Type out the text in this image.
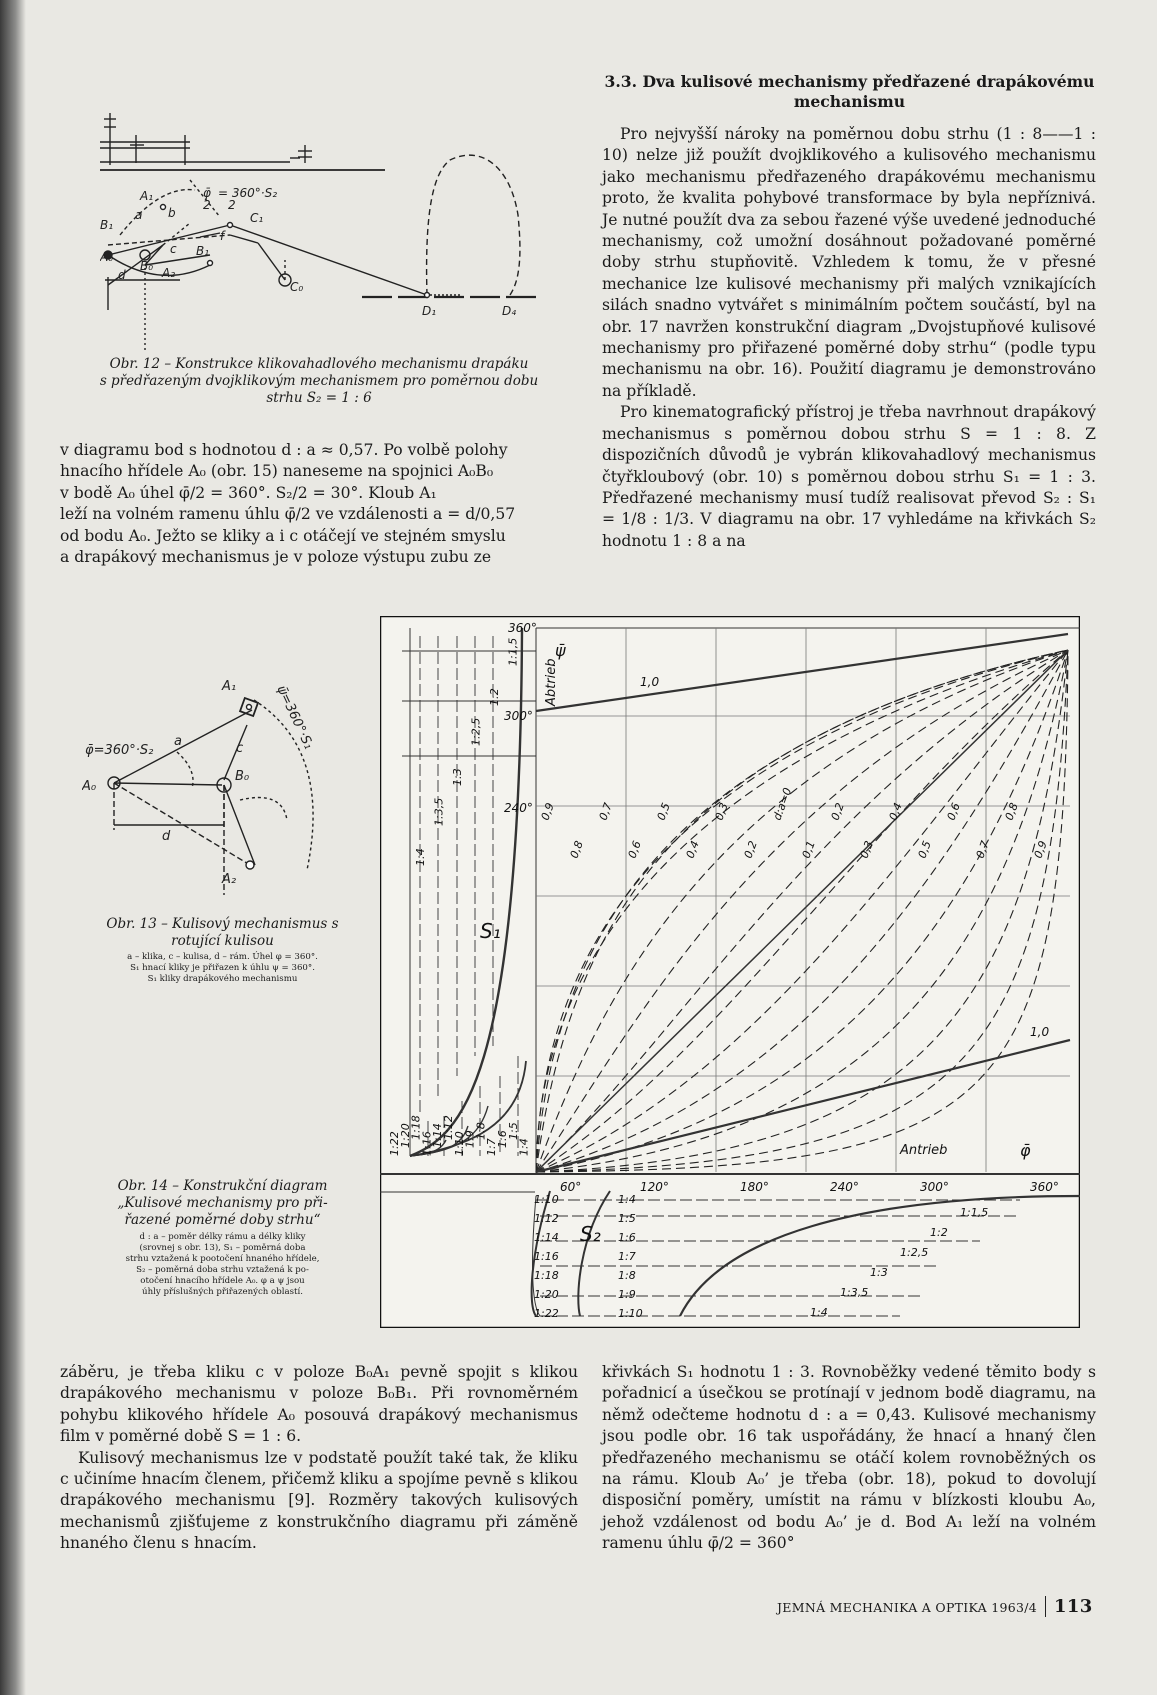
3.3. Dva kulisové mechanismy předřazené drapákovému mechanismu

Pro nejvyšší nároky na poměrnou dobu strhu (1 : 8——1 : 10) nelze již použít dvojklikového a kulisového mechanismu jako mechanismu předřazeného drapákovému mechanismu proto, že kvalita pohybové transformace by byla nepříznivá. Je nutné použít dva za sebou řazené výše uvedené jednoduché mechanismy, což umožní dosáhnout požadované poměrné doby strhu stupňovitě. Vzhledem k tomu, že v přesné mechanice lze kulisové mechanismy při malých vznikajících silách snadno vytvářet s minimálním počtem součástí, byl na obr. 17 navržen konstrukční diagram „Dvojstupňové kulisové mechanismy pro přiřazené poměrné doby strhu“ (podle typu mechanismu na obr. 16). Použití diagramu je demonstrováno na příkladě.

Pro kinematografický přístroj je třeba navrhnout drapákový mechanismus s poměrnou dobou strhu S = 1 : 8. Z dispozičních důvodů je vybrán klikovahadlový mechanismus čtyřkloubový (obr. 10) s poměrnou dobou strhu S₁ = 1 : 3. Předřazené mechanismy musí tudíž realisovat převod S₂ : S₁ = 1/8 : 1/3. V diagramu na obr. 17 vyhledáme na křivkách S₂ hodnotu 1 : 8 a na

A₁
a b
φ̄
2
= 360°·S₂
2
C₁
c B₁
B₀ A₂
A₀
B₁
d
C₀
D₁	D₄
f
Obr. 12 – Konstrukce klikovahadlového mechanismu drapáku
s předřazeným dvojklikovým mechanismem pro poměrnou dobu
strhu S₂ = 1 : 6

v diagramu bod s hodnotou d : a ≈ 0,57. Po volbě polohy

hnacího hřídele A₀ (obr. 15) naneseme na spojnici A₀B₀

v bodě A₀ úhel φ̄/2 = 360°. S₂/2 = 30°. Kloub A₁

leží na volném ramenu úhlu φ̄/2 ve vzdálenosti a = d/0,57

od bodu A₀. Ježto se kliky a i c otáčejí ve stejném smyslu

a drapákový mechanismus je v poloze výstupu zubu ze

A₁
φ̄=360°·S₂
A₀
B₀
A₂
a	c
d
ψ̄=360°·S₁
Obr. 13 – Kulisový mechanismus s
rotující kulisou
a – klika, c – kulisa, d – rám. Úhel φ = 360°.
S₁ hnací kliky je přiřazen k úhlu ψ = 360°.
S₁ kliky drapákového mechanismu
Obr. 14 – Konstrukční diagram
„Kulisové mechanismy pro při-
řazené poměrné doby strhu“
d : a – poměr délky rámu a délky kliky
(srovnej s obr. 13), S₁ – poměrná doba
strhu vztažená k pootočení hnaného hřídele,
S₂ – poměrná doba strhu vztažená k po-
otočení hnacího hřídele A₀. φ a ψ jsou
úhly příslušných přiřazených oblastí.
360°
300°
240°
ψ̄
Abtrieb
S₁
S₂
60°	120°	180°	240°	300°	360°
Antrieb	φ̄
1,0
1,0
1:4
1:3,5
1:3
1:2,5
1:2
1:1,5
1:22
1:20
1:18
1:16
1:14
1:12
1:10
1:9
1:8
1:7
1:6
1:5
1:4
0,9
0,8
0,7
0,6
0,5
0,4
0,3
0,2
d:a=0
0,1
0,2
0,3
0,4
0,5
0,6
0,7
0,8
0,9
1:10
1:12
1:14
1:16
1:18
1:20
1:22
1:4
1:5
1:6
1:7
1:8
1:9
1:10
1:1,5
1:2
1:2,5
1:3
1:3,5
1:4

záběru, je třeba kliku c v poloze B₀A₁ pevně spojit s klikou drapákového mechanismu v poloze B₀B₁. Při rovnoměrném pohybu klikového hřídele A₀ posouvá drapákový mechanismus film v poměrné době S = 1 : 6.

Kulisový mechanismus lze v podstatě použít také tak, že kliku c učiníme hnacím členem, přičemž kliku a spojíme pevně s klikou drapákového mechanismu [9]. Rozměry takových kulisových mechanismů zjišťujeme z konstrukčního diagramu při záměně hnaného členu s hnacím.

křivkách S₁ hodnotu 1 : 3. Rovnoběžky vedené těmito body s pořadnicí a úsečkou se protínají v jednom bodě diagramu, na němž odečteme hodnotu d : a = 0,43. Kulisové mechanismy jsou podle obr. 16 tak uspořádány, že hnací a hnaný člen předřazeného mechanismu se otáčí kolem rovnoběžných os na rámu. Kloub A₀’ je třeba (obr. 18), pokud to dovolují disposiční poměry, umístit na rámu v blízkosti kloubu A₀, jehož vzdálenost od bodu A₀’ je d. Bod A₁ leží na volném ramenu úhlu φ̄/2 = 360°

JEMNÁ MECHANIKA A OPTIKA 1963/4 113
